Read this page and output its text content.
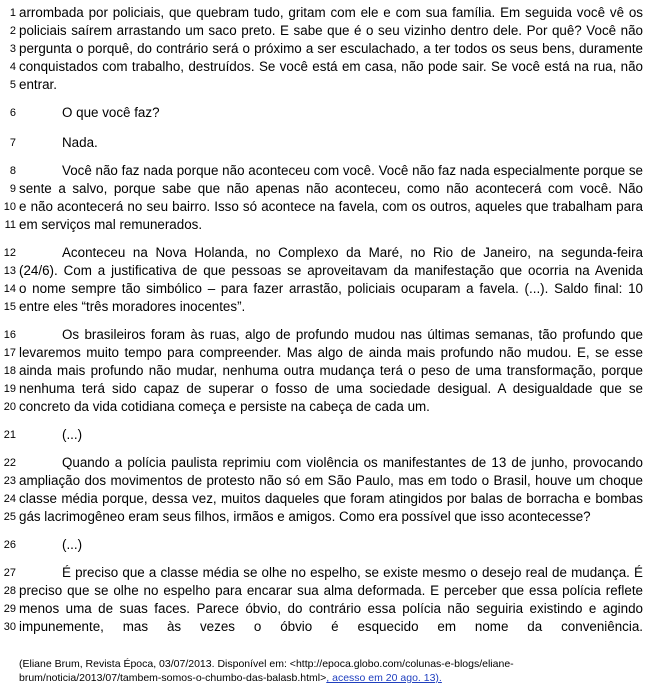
1 arrombada por policiais, que quebram tudo, gritam com ele e com sua família. Em seguida você vê os
2 policiais saírem arrastando um saco preto. E sabe que é o seu vizinho dentro dele. Por quê? Você não
3 pergunta o porquê, do contrário será o próximo a ser esculachado, a ter todos os seus bens, duramente
4 conquistados com trabalho, destruídos. Se você está em casa, não pode sair. Se você está na rua, não
5 entrar.
6	O que você faz?
7	Nada.
8	Você não faz nada porque não aconteceu com você. Você não faz nada especialmente porque se
9 sente a salvo, porque sabe que não apenas não aconteceu, como não acontecerá com você. Não
10 e não acontecerá no seu bairro. Isso só acontece na favela, com os outros, aqueles que trabalham para
11 em serviços mal remunerados.
12	Aconteceu na Nova Holanda, no Complexo da Maré, no Rio de Janeiro, na segunda-feira
13 (24/6). Com a justificativa de que pessoas se aproveitavam da manifestação que ocorria na Avenida
14 o nome sempre tão simbólico – para fazer arrastão, policiais ocuparam a favela. (...). Saldo final: 10
15 entre eles “três moradores inocentes”.
16	Os brasileiros foram às ruas, algo de profundo mudou nas últimas semanas, tão profundo que
17 levaremos muito tempo para compreender. Mas algo de ainda mais profundo não mudou. E, se esse
18 ainda mais profundo não mudar, nenhuma outra mudança terá o peso de uma transformação, porque
19 nenhuma terá sido capaz de superar o fosso de uma sociedade desigual. A desigualdade que se
20 concreto da vida cotidiana começa e persiste na cabeça de cada um.
21	(...)
22	Quando a polícia paulista reprimiu com violência os manifestantes de 13 de junho, provocando
23 ampliação dos movimentos de protesto não só em São Paulo, mas em todo o Brasil, houve um choque
24 classe média porque, dessa vez, muitos daqueles que foram atingidos por balas de borracha e bombas
25 gás lacrimogêneo eram seus filhos, irmãos e amigos. Como era possível que isso acontecesse?
26	(...)
27	É preciso que a classe média se olhe no espelho, se existe mesmo o desejo real de mudança. É
28 preciso que se olhe no espelho para encarar sua alma deformada. E perceber que essa polícia reflete
29 menos uma de suas faces. Parece óbvio, do contrário essa polícia não seguiria existindo e agindo
30 impunemente, mas às vezes o óbvio é esquecido em nome da conveniência.
(Eliane Brum, Revista Época, 03/07/2013. Disponível em: <http://epoca.globo.com/colunas-e-blogs/eliane-
brum/noticia/2013/07/tambem-somos-o-chumbo-das-balasb.html>, acesso em 20 ago. 13).
